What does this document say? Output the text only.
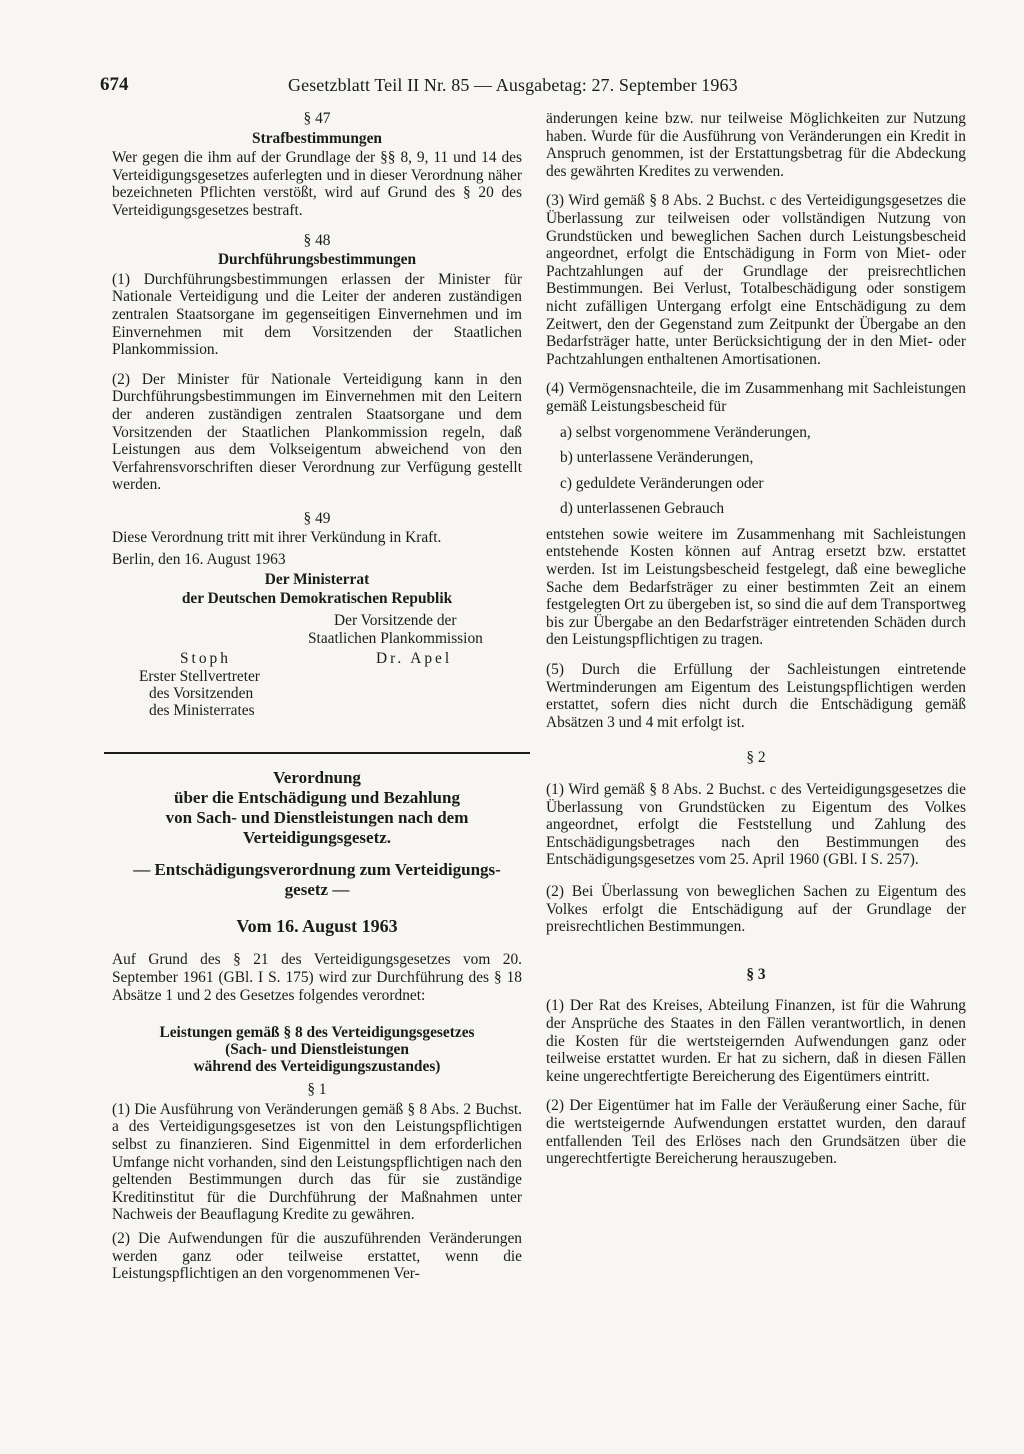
674	Gesetzblatt Teil II Nr. 85 — Ausgabetag: 27. September 1963
§ 47
Strafbestimmungen

Wer gegen die ihm auf der Grundlage der §§ 8, 9, 11 und 14 des Verteidigungsgesetzes auferlegten und in dieser Verordnung näher bezeichneten Pflichten verstößt, wird auf Grund des § 20 des Verteidigungsgesetzes bestraft.

§ 48
Durchführungsbestimmungen

(1) Durchführungsbestimmungen erlassen der Minister für Nationale Verteidigung und die Leiter der anderen zuständigen zentralen Staatsorgane im gegenseitigen Einvernehmen und im Einvernehmen mit dem Vorsitzenden der Staatlichen Plankommission.

(2) Der Minister für Nationale Verteidigung kann in den Durchführungsbestimmungen im Einvernehmen mit den Leitern der anderen zuständigen zentralen Staatsorgane und dem Vorsitzenden der Staatlichen Plankommission regeln, daß Leistungen aus dem Volkseigentum abweichend von den Verfahrensvorschriften dieser Verordnung zur Verfügung gestellt werden.

§ 49

Diese Verordnung tritt mit ihrer Verkündung in Kraft.

Berlin, den 16. August 1963

Der Ministerrat
der Deutschen Demokratischen Republik
Der Vorsitzende der
Staatlichen Plankommission
Stoph	Dr. Apel
Erster Stellvertreter
des Vorsitzenden
des Ministerrates
Verordnung
über die Entschädigung und Bezahlung
von Sach- und Dienstleistungen nach dem
Verteidigungsgesetz.
— Entschädigungsverordnung zum Verteidigungs-
gesetz —
Vom 16. August 1963

Auf Grund des § 21 des Verteidigungsgesetzes vom 20. September 1961 (GBl. I S. 175) wird zur Durchführung des § 18 Absätze 1 und 2 des Gesetzes folgendes verordnet:

Leistungen gemäß § 8 des Verteidigungsgesetzes
(Sach- und Dienstleistungen
während des Verteidigungszustandes)
§ 1

(1) Die Ausführung von Veränderungen gemäß § 8 Abs. 2 Buchst. a des Verteidigungsgesetzes ist von den Leistungspflichtigen selbst zu finanzieren. Sind Eigenmittel in dem erforderlichen Umfange nicht vorhanden, sind den Leistungspflichtigen nach den geltenden Bestimmungen durch das für sie zuständige Kreditinstitut für die Durchführung der Maßnahmen unter Nachweis der Beauflagung Kredite zu gewähren.

(2) Die Aufwendungen für die auszuführenden Veränderungen werden ganz oder teilweise erstattet, wenn die Leistungspflichtigen an den vorgenommenen Ver-

änderungen keine bzw. nur teilweise Möglichkeiten zur Nutzung haben. Wurde für die Ausführung von Veränderungen ein Kredit in Anspruch genommen, ist der Erstattungsbetrag für die Abdeckung des gewährten Kredites zu verwenden.

(3) Wird gemäß § 8 Abs. 2 Buchst. c des Verteidigungsgesetzes die Überlassung zur teilweisen oder vollständigen Nutzung von Grundstücken und beweglichen Sachen durch Leistungsbescheid angeordnet, erfolgt die Entschädigung in Form von Miet- oder Pachtzahlungen auf der Grundlage der preisrechtlichen Bestimmungen. Bei Verlust, Totalbeschädigung oder sonstigem nicht zufälligen Untergang erfolgt eine Entschädigung zu dem Zeitwert, den der Gegenstand zum Zeitpunkt der Übergabe an den Bedarfsträger hatte, unter Berücksichtigung der in den Miet- oder Pachtzahlungen enthaltenen Amortisationen.

(4) Vermögensnachteile, die im Zusammenhang mit Sachleistungen gemäß Leistungsbescheid für

a) selbst vorgenommene Veränderungen,
b) unterlassene Veränderungen,
c) geduldete Veränderungen oder
d) unterlassenen Gebrauch

entstehen sowie weitere im Zusammenhang mit Sachleistungen entstehende Kosten können auf Antrag ersetzt bzw. erstattet werden. Ist im Leistungsbescheid festgelegt, daß eine bewegliche Sache dem Bedarfsträger zu einer bestimmten Zeit an einem festgelegten Ort zu übergeben ist, so sind die auf dem Transportweg bis zur Übergabe an den Bedarfsträger eintretenden Schäden durch den Leistungspflichtigen zu tragen.

(5) Durch die Erfüllung der Sachleistungen eintretende Wertminderungen am Eigentum des Leistungspflichtigen werden erstattet, sofern dies nicht durch die Entschädigung gemäß Absätzen 3 und 4 mit erfolgt ist.

§ 2

(1) Wird gemäß § 8 Abs. 2 Buchst. c des Verteidigungsgesetzes die Überlassung von Grundstücken zu Eigentum des Volkes angeordnet, erfolgt die Feststellung und Zahlung des Entschädigungsbetrages nach den Bestimmungen des Entschädigungsgesetzes vom 25. April 1960 (GBl. I S. 257).

(2) Bei Überlassung von beweglichen Sachen zu Eigentum des Volkes erfolgt die Entschädigung auf der Grundlage der preisrechtlichen Bestimmungen.

§ 3

(1) Der Rat des Kreises, Abteilung Finanzen, ist für die Wahrung der Ansprüche des Staates in den Fällen verantwortlich, in denen die Kosten für die wertsteigernden Aufwendungen ganz oder teilweise erstattet wurden. Er hat zu sichern, daß in diesen Fällen keine ungerechtfertigte Bereicherung des Eigentümers eintritt.

(2) Der Eigentümer hat im Falle der Veräußerung einer Sache, für die wertsteigernde Aufwendungen erstattet wurden, den darauf entfallenden Teil des Erlöses nach den Grundsätzen über die ungerechtfertigte Bereicherung herauszugeben.
